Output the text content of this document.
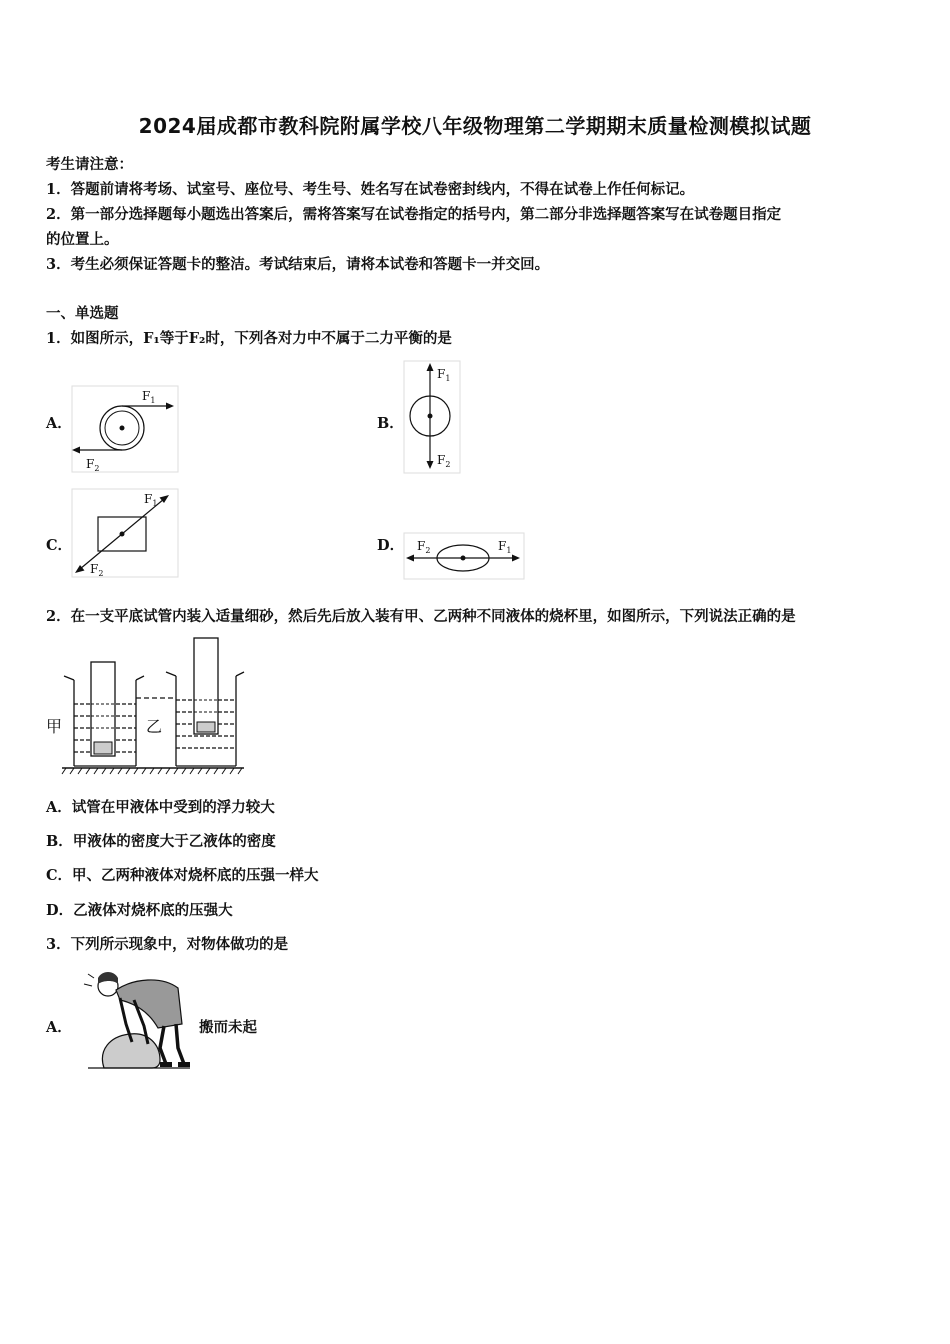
2024届成都市教科院附属学校八年级物理第二学期期末质量检测模拟试题
考生请注意：
1．答题前请将考场、试室号、座位号、考生号、姓名写在试卷密封线内，不得在试卷上作任何标记。
2．第一部分选择题每小题选出答案后，需将答案写在试卷指定的括号内，第二部分非选择题答案写在试卷题目指定
的位置上。
3．考生必须保证答题卡的整洁。考试结束后，请将本试卷和答题卡一并交回。
一、单选题
1．如图所示，F₁等于F₂时，下列各对力中不属于二力平衡的是
A．
$F_1$
$F_2$
B．
$F_1$
$F_2$
C．
$F_1$
$F_2$
D．	$F_1$
$F_2$
2．在一支平底试管内装入适量细砂，然后先后放入装有甲、乙两种不同液体的烧杯里，如图所示，下列说法正确的是
甲	乙
A．试管在甲液体中受到的浮力较大
B．甲液体的密度大于乙液体的密度
C．甲、乙两种液体对烧杯底的压强一样大
D．乙液体对烧杯底的压强大
3．下列所示现象中，对物体做功的是
A．	搬而未起
